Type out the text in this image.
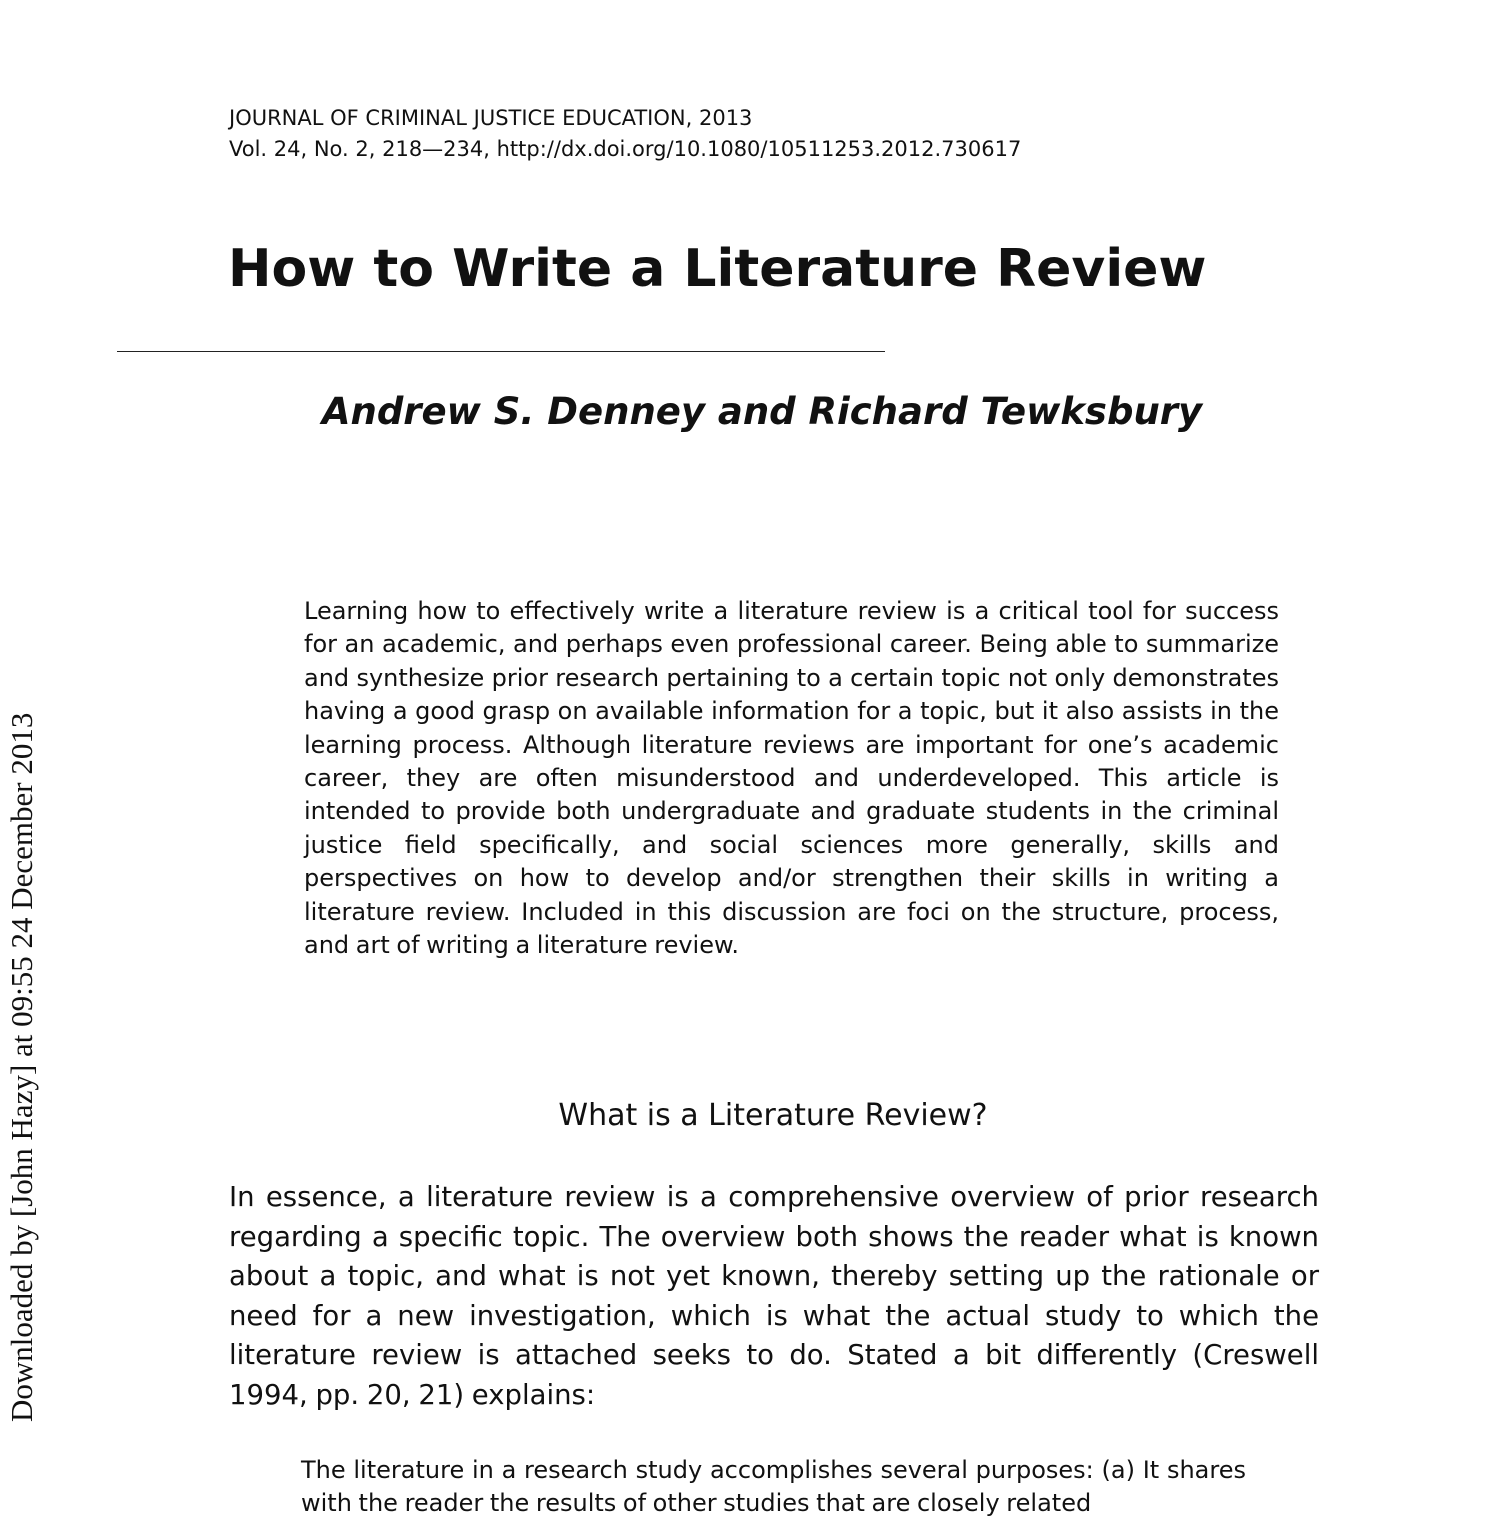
JOURNAL OF CRIMINAL JUSTICE EDUCATION, 2013
Vol. 24, No. 2, 218—234, http://dx.doi.org/10.1080/10511253.2012.730617
How to Write a Literature Review
Andrew S. Denney and Richard Tewksbury

Learning how to effectively write a literature review is a critical tool for success for an academic, and perhaps even professional career. Being able to summarize and synthesize prior research pertaining to a certain topic not only demonstrates having a good grasp on available information for a topic, but it also assists in the learning process. Although literature reviews are important for one’s academic career, they are often misunderstood and underdeveloped. This article is intended to provide both undergraduate and graduate students in the criminal justice field specifically, and social sciences more generally, skills and perspectives on how to develop and/or strengthen their skills in writing a literature review. Included in this discussion are foci on the structure, process, and art of writing a literature review.

What is a Literature Review?

In essence, a literature review is a comprehensive overview of prior research regarding a specific topic. The overview both shows the reader what is known about a topic, and what is not yet known, thereby setting up the rationale or need for a new investigation, which is what the actual study to which the literature review is attached seeks to do. Stated a bit differently (Creswell 1994, pp. 20, 21) explains:

The literature in a research study accomplishes several purposes: (a) It shares with the reader the results of other studies that are closely related

Downloaded by [John Hazy] at 09:55 24 December 2013
